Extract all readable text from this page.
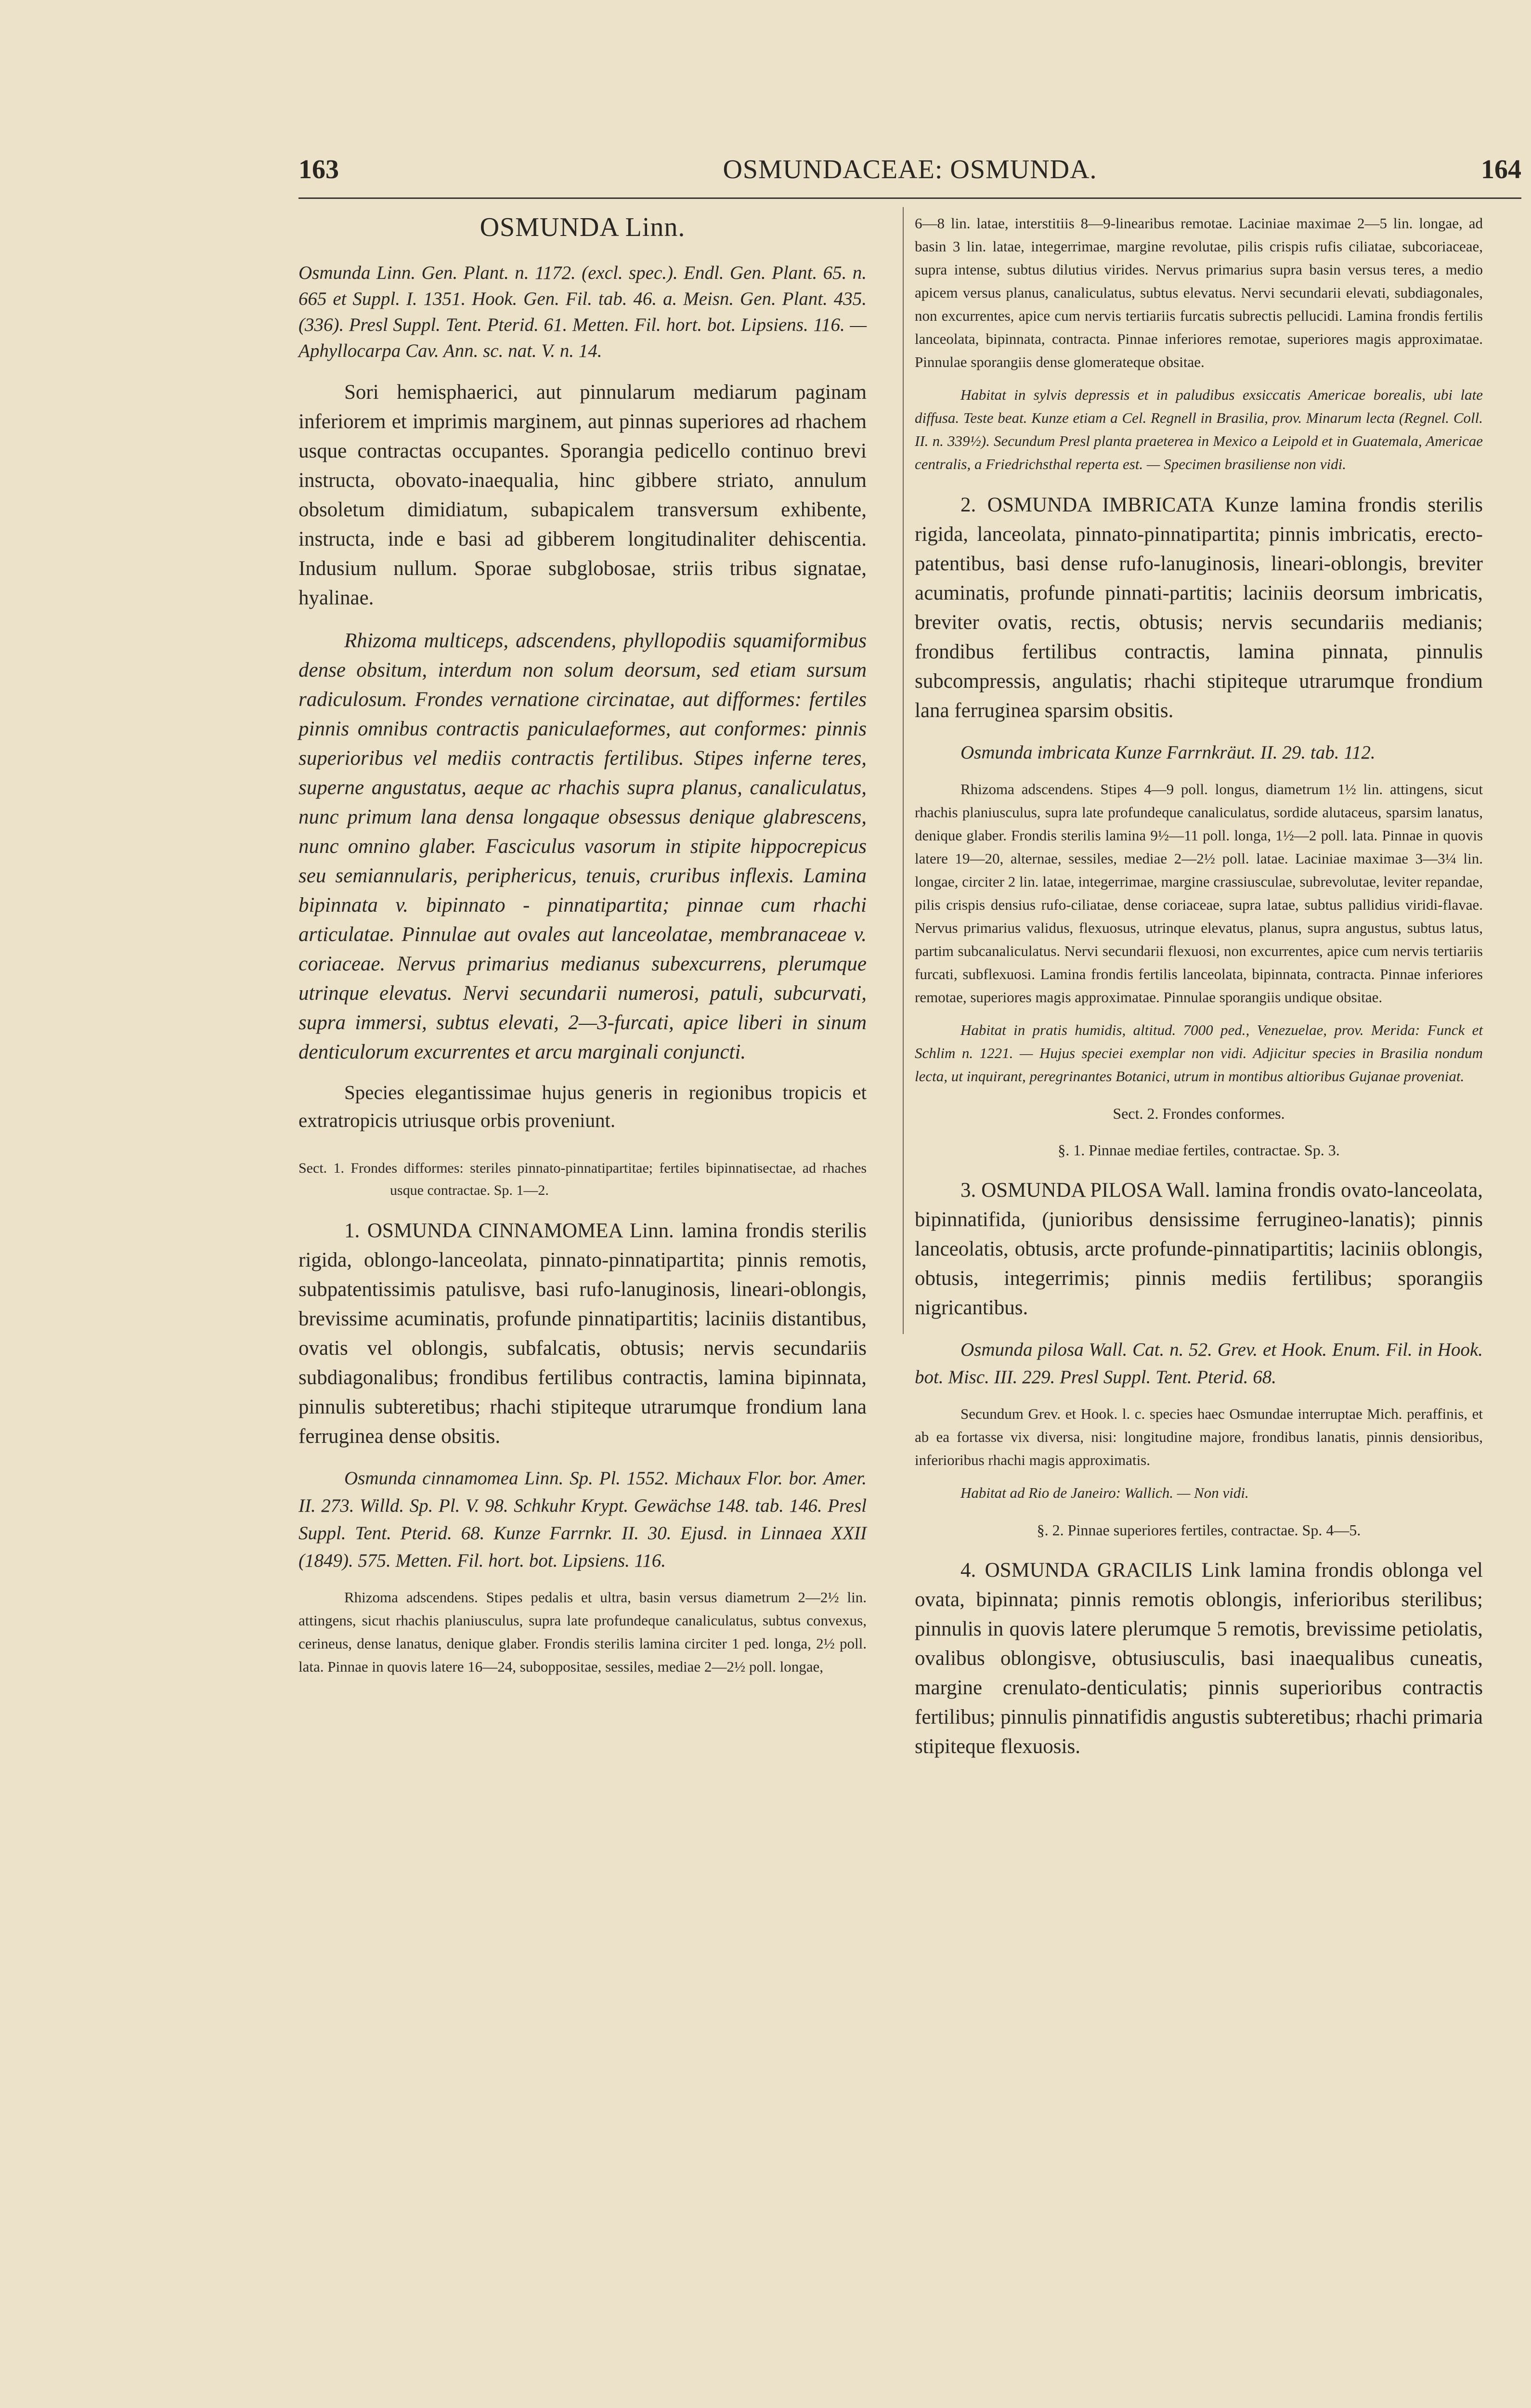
163	OSMUNDACEAE: OSMUNDA.	164
OSMUNDA Linn.

Osmunda Linn. Gen. Plant. n. 1172. (excl. spec.). Endl. Gen. Plant. 65. n. 665 et Suppl. I. 1351. Hook. Gen. Fil. tab. 46. a. Meisn. Gen. Plant. 435. (336). Presl Suppl. Tent. Pterid. 61. Metten. Fil. hort. bot. Lipsiens. 116. — Aphyllocarpa Cav. Ann. sc. nat. V. n. 14.

Sori hemisphaerici, aut pinnularum mediarum paginam inferiorem et imprimis marginem, aut pinnas superiores ad rhachem usque contractas occupantes. Sporangia pedicello continuo brevi instructa, obovato-inaequalia, hinc gibbere striato, annulum obsoletum dimidiatum, subapicalem transversum exhibente, instructa, inde e basi ad gibberem longitudinaliter dehiscentia. Indusium nullum. Sporae subglobosae, striis tribus signatae, hyalinae.

Rhizoma multiceps, adscendens, phyllopodiis squamiformibus dense obsitum, interdum non solum deorsum, sed etiam sursum radiculosum. Frondes vernatione circinatae, aut difformes: fertiles pinnis omnibus contractis paniculaeformes, aut conformes: pinnis superioribus vel mediis contractis fertilibus. Stipes inferne teres, superne angustatus, aeque ac rhachis supra planus, canaliculatus, nunc primum lana densa longaque obsessus denique glabrescens, nunc omnino glaber. Fasciculus vasorum in stipite hippocrepicus seu semiannularis, periphericus, tenuis, cruribus inflexis. Lamina bipinnata v. bipinnato - pinnatipartita; pinnae cum rhachi articulatae. Pinnulae aut ovales aut lanceolatae, membranaceae v. coriaceae. Nervus primarius medianus subexcurrens, plerumque utrinque elevatus. Nervi secundarii numerosi, patuli, subcurvati, supra immersi, subtus elevati, 2—3-furcati, apice liberi in sinum denticulorum excurrentes et arcu marginali conjuncti.

Species elegantissimae hujus generis in regionibus tropicis et extratropicis utriusque orbis proveniunt.

Sect. 1. Frondes difformes: steriles pinnato-pinnatipartitae; fertiles bipinnatisectae, ad rhaches usque contractae. Sp. 1—2.

1. OSMUNDA CINNAMOMEA Linn. lamina frondis sterilis rigida, oblongo-lanceolata, pinnato-pinnatipartita; pinnis remotis, subpatentissimis patulisve, basi rufo-lanuginosis, lineari-oblongis, brevissime acuminatis, profunde pinnatipartitis; laciniis distantibus, ovatis vel oblongis, subfalcatis, obtusis; nervis secundariis subdiagonalibus; frondibus fertilibus contractis, lamina bipinnata, pinnulis subteretibus; rhachi stipiteque utrarumque frondium lana ferruginea dense obsitis.

Osmunda cinnamomea Linn. Sp. Pl. 1552. Michaux Flor. bor. Amer. II. 273. Willd. Sp. Pl. V. 98. Schkuhr Krypt. Gewächse 148. tab. 146. Presl Suppl. Tent. Pterid. 68. Kunze Farrnkr. II. 30. Ejusd. in Linnaea XXII (1849). 575. Metten. Fil. hort. bot. Lipsiens. 116.

Rhizoma adscendens. Stipes pedalis et ultra, basin versus diametrum 2—2½ lin. attingens, sicut rhachis planiusculus, supra late profundeque canaliculatus, subtus convexus, cerineus, dense lanatus, denique glaber. Frondis sterilis lamina circiter 1 ped. longa, 2½ poll. lata. Pinnae in quovis latere 16—24, suboppositae, sessiles, mediae 2—2½ poll. longae,

6—8 lin. latae, interstitiis 8—9-linearibus remotae. Laciniae maximae 2—5 lin. longae, ad basin 3 lin. latae, integerrimae, margine revolutae, pilis crispis rufis ciliatae, subcoriaceae, supra intense, subtus dilutius virides. Nervus primarius supra basin versus teres, a medio apicem versus planus, canaliculatus, subtus elevatus. Nervi secundarii elevati, subdiagonales, non excurrentes, apice cum nervis tertiariis furcatis subrectis pellucidi. Lamina frondis fertilis lanceolata, bipinnata, contracta. Pinnae inferiores remotae, superiores magis approximatae. Pinnulae sporangiis dense glomerateque obsitae.

Habitat in sylvis depressis et in paludibus exsiccatis Americae borealis, ubi late diffusa. Teste beat. Kunze etiam a Cel. Regnell in Brasilia, prov. Minarum lecta (Regnel. Coll. II. n. 339½). Secundum Presl planta praeterea in Mexico a Leipold et in Guatemala, Americae centralis, a Friedrichsthal reperta est. — Specimen brasiliense non vidi.

2. OSMUNDA IMBRICATA Kunze lamina frondis sterilis rigida, lanceolata, pinnato-pinnatipartita; pinnis imbricatis, erecto-patentibus, basi dense rufo-lanuginosis, lineari-oblongis, breviter acuminatis, profunde pinnati-partitis; laciniis deorsum imbricatis, breviter ovatis, rectis, obtusis; nervis secundariis medianis; frondibus fertilibus contractis, lamina pinnata, pinnulis subcompressis, angulatis; rhachi stipiteque utrarumque frondium lana ferruginea sparsim obsitis.

Osmunda imbricata Kunze Farrnkräut. II. 29. tab. 112.

Rhizoma adscendens. Stipes 4—9 poll. longus, diametrum 1½ lin. attingens, sicut rhachis planiusculus, supra late profundeque canaliculatus, sordide alutaceus, sparsim lanatus, denique glaber. Frondis sterilis lamina 9½—11 poll. longa, 1½—2 poll. lata. Pinnae in quovis latere 19—20, alternae, sessiles, mediae 2—2½ poll. latae. Laciniae maximae 3—3¼ lin. longae, circiter 2 lin. latae, integerrimae, margine crassiusculae, subrevolutae, leviter repandae, pilis crispis densius rufo-ciliatae, dense coriaceae, supra latae, subtus pallidius viridi-flavae. Nervus primarius validus, flexuosus, utrinque elevatus, planus, supra angustus, subtus latus, partim subcanaliculatus. Nervi secundarii flexuosi, non excurrentes, apice cum nervis tertiariis furcati, subflexuosi. Lamina frondis fertilis lanceolata, bipinnata, contracta. Pinnae inferiores remotae, superiores magis approximatae. Pinnulae sporangiis undique obsitae.

Habitat in pratis humidis, altitud. 7000 ped., Venezuelae, prov. Merida: Funck et Schlim n. 1221. — Hujus speciei exemplar non vidi. Adjicitur species in Brasilia nondum lecta, ut inquirant, peregrinantes Botanici, utrum in montibus altioribus Gujanae proveniat.

Sect. 2. Frondes conformes.

§. 1. Pinnae mediae fertiles, contractae. Sp. 3.

3. OSMUNDA PILOSA Wall. lamina frondis ovato-lanceolata, bipinnatifida, (junioribus densissime ferrugineo-lanatis); pinnis lanceolatis, obtusis, arcte profunde-pinnatipartitis; laciniis oblongis, obtusis, integerrimis; pinnis mediis fertilibus; sporangiis nigricantibus.

Osmunda pilosa Wall. Cat. n. 52. Grev. et Hook. Enum. Fil. in Hook. bot. Misc. III. 229. Presl Suppl. Tent. Pterid. 68.

Secundum Grev. et Hook. l. c. species haec Osmundae interruptae Mich. peraffinis, et ab ea fortasse vix diversa, nisi: longitudine majore, frondibus lanatis, pinnis densioribus, inferioribus rhachi magis approximatis.

Habitat ad Rio de Janeiro: Wallich. — Non vidi.

§. 2. Pinnae superiores fertiles, contractae. Sp. 4—5.

4. OSMUNDA GRACILIS Link lamina frondis oblonga vel ovata, bipinnata; pinnis remotis oblongis, inferioribus sterilibus; pinnulis in quovis latere plerumque 5 remotis, brevissime petiolatis, ovalibus oblongisve, obtusiusculis, basi inaequalibus cuneatis, margine crenulato-denticulatis; pinnis superioribus contractis fertilibus; pinnulis pinnatifidis angustis subteretibus; rhachi primaria stipiteque flexuosis.
